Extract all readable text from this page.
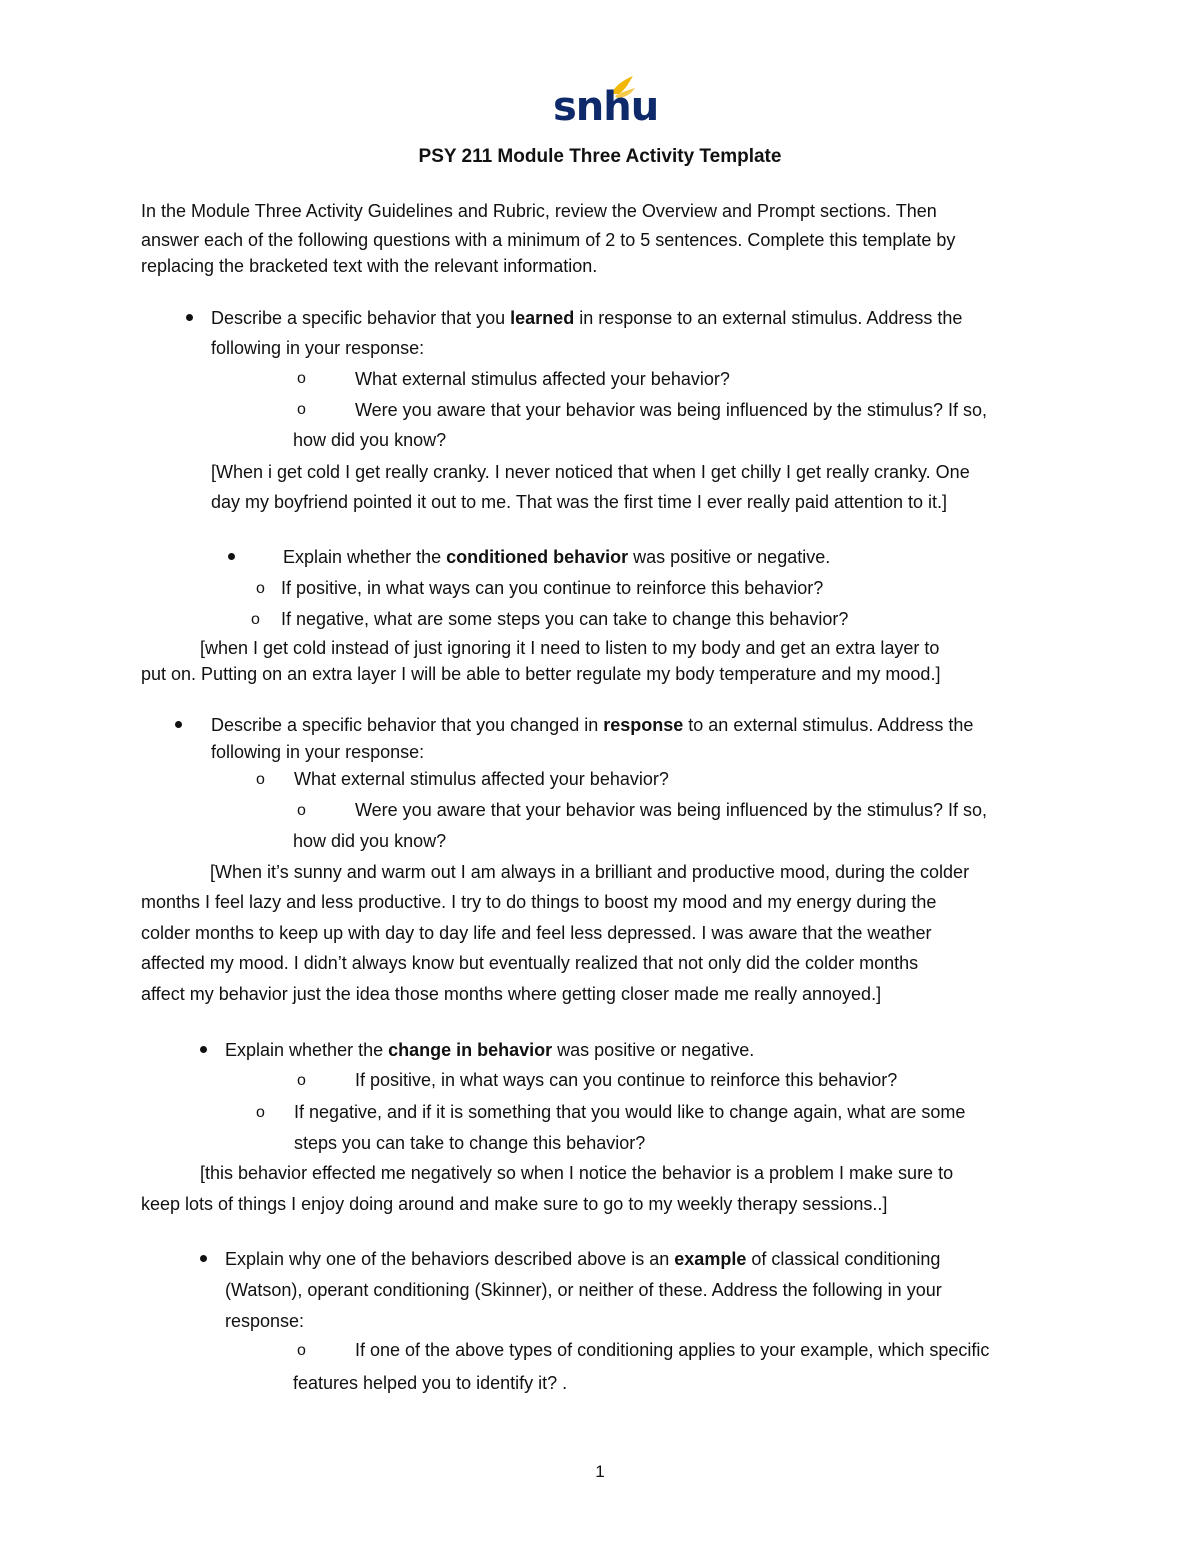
snhu
PSY 211 Module Three Activity Template
In the Module Three Activity Guidelines and Rubric, review the Overview and Prompt sections. Then
answer each of the following questions with a minimum of 2 to 5 sentences. Complete this template by
replacing the bracketed text with the relevant information.
Describe a specific behavior that you learned in response to an external stimulus. Address the
following in your response:
o	What external stimulus affected your behavior?
o	Were you aware that your behavior was being influenced by the stimulus? If so,
how did you know?
[When i get cold I get really cranky. I never noticed that when I get chilly I get really cranky. One
day my boyfriend pointed it out to me. That was the first time I ever really paid attention to it.]
Explain whether the conditioned behavior was positive or negative.
o If positive, in what ways can you continue to reinforce this behavior?
o If negative, what are some steps you can take to change this behavior?
[when I get cold instead of just ignoring it I need to listen to my body and get an extra layer to
put on. Putting on an extra layer I will be able to better regulate my body temperature and my mood.]
Describe a specific behavior that you changed in response to an external stimulus. Address the
following in your response:
o What external stimulus affected your behavior?
o	Were you aware that your behavior was being influenced by the stimulus? If so,
how did you know?
[When it’s sunny and warm out I am always in a brilliant and productive mood, during the colder
months I feel lazy and less productive. I try to do things to boost my mood and my energy during the
colder months to keep up with day to day life and feel less depressed. I was aware that the weather
affected my mood. I didn’t always know but eventually realized that not only did the colder months
affect my behavior just the idea those months where getting closer made me really annoyed.]
Explain whether the change in behavior was positive or negative.
o	If positive, in what ways can you continue to reinforce this behavior?
o If negative, and if it is something that you would like to change again, what are some
steps you can take to change this behavior?
[this behavior effected me negatively so when I notice the behavior is a problem I make sure to
keep lots of things I enjoy doing around and make sure to go to my weekly therapy sessions..]
Explain why one of the behaviors described above is an example of classical conditioning
(Watson), operant conditioning (Skinner), or neither of these. Address the following in your
response:
o	If one of the above types of conditioning applies to your example, which specific
features helped you to identify it? .
1
